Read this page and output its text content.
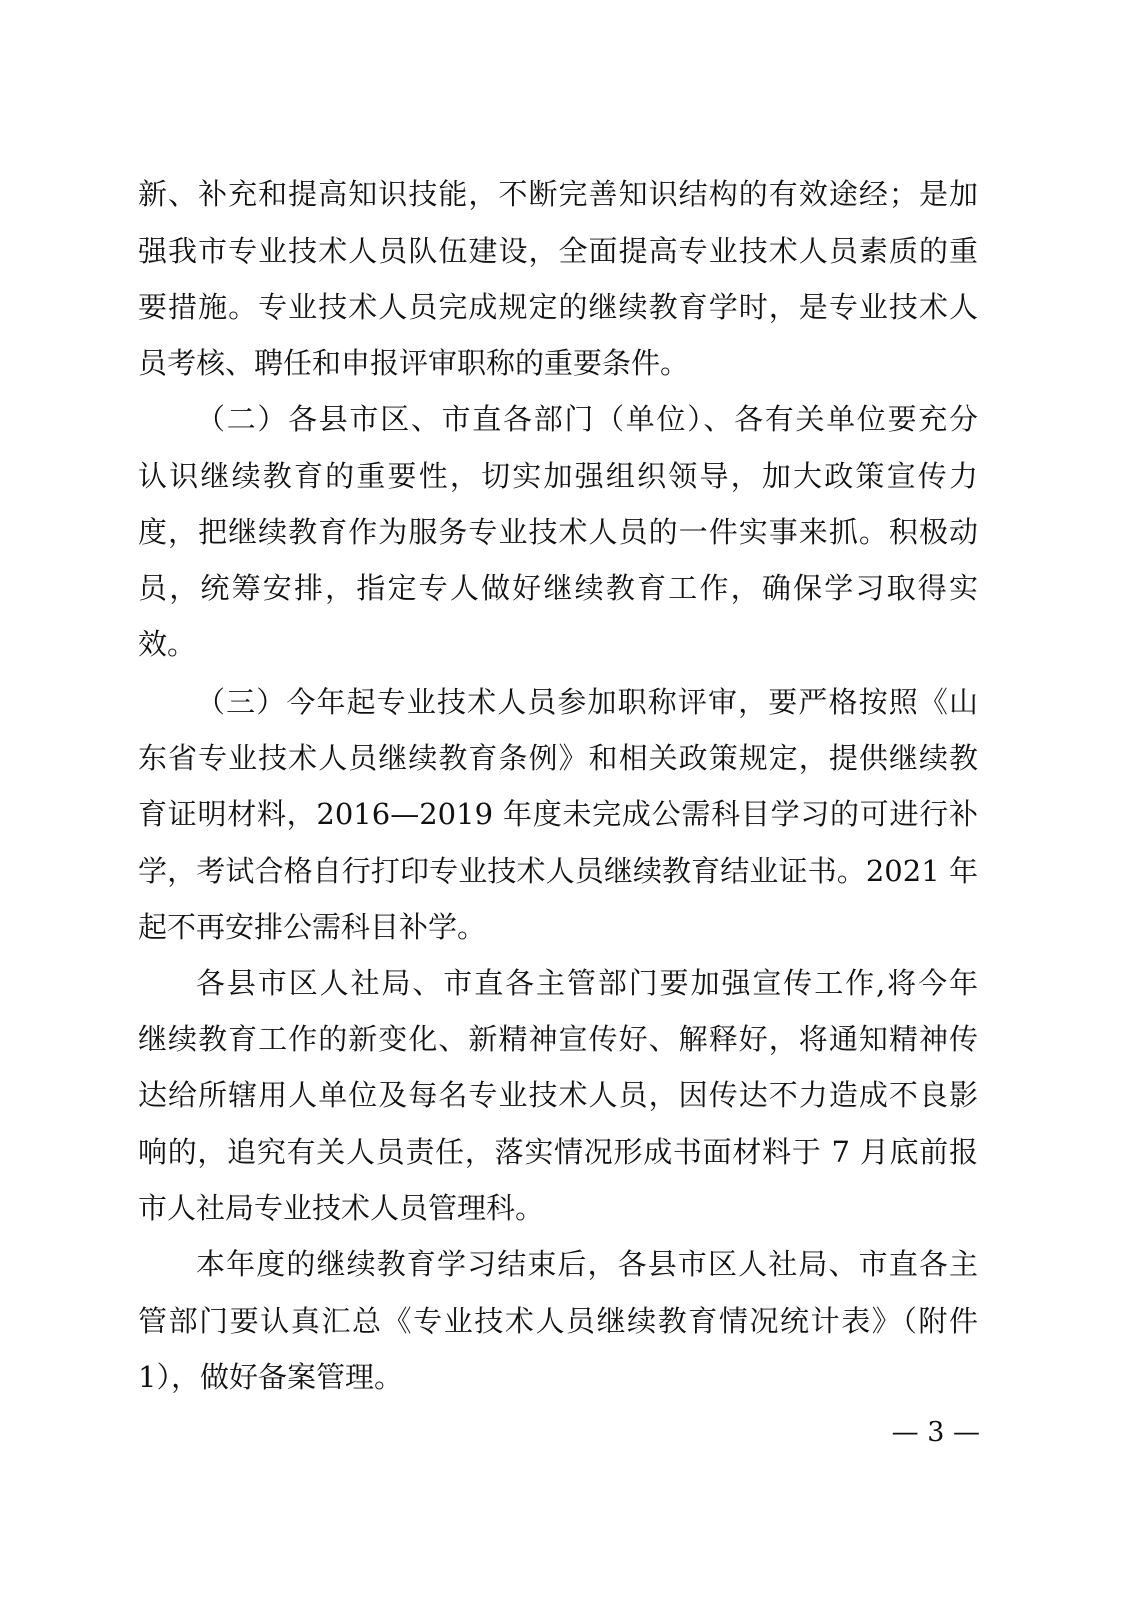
新、补充和提高知识技能，不断完善知识结构的有效途经；是加
强我市专业技术人员队伍建设，全面提高专业技术人员素质的重
要措施。专业技术人员完成规定的继续教育学时，是专业技术人
员考核、聘任和申报评审职称的重要条件。
（二）各县市区、市直各部门（单位）、各有关单位要充分
认识继续教育的重要性，切实加强组织领导，加大政策宣传力
度，把继续教育作为服务专业技术人员的一件实事来抓。积极动
员，统筹安排，指定专人做好继续教育工作，确保学习取得实
效。
（三）今年起专业技术人员参加职称评审，要严格按照《山
东省专业技术人员继续教育条例》和相关政策规定，提供继续教
育证明材料，2016—2019 年度未完成公需科目学习的可进行补
学，考试合格自行打印专业技术人员继续教育结业证书。2021 年
起不再安排公需科目补学。
各县市区人社局、市直各主管部门要加强宣传工作,将今年
继续教育工作的新变化、新精神宣传好、解释好，将通知精神传
达给所辖用人单位及每名专业技术人员，因传达不力造成不良影
响的，追究有关人员责任，落实情况形成书面材料于 7 月底前报
市人社局专业技术人员管理科。
本年度的继续教育学习结束后，各县市区人社局、市直各主
管部门要认真汇总《专业技术人员继续教育情况统计表》（附件
1），做好备案管理。
— 3 —
